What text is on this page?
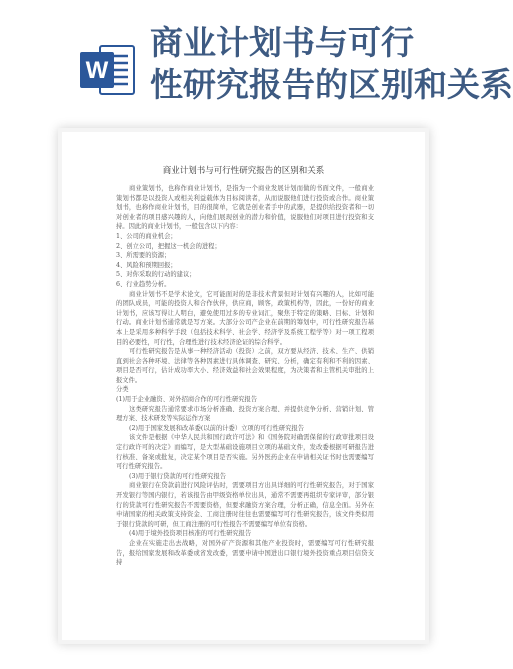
W
商业计划书与可行
性研究报告的区别和关系
商业计划书与可行性研究报告的区别和关系

商业策划书，也称作商业计划书，是指为一个商业发展计划而做的书面文件，一般商业策划书都是以投资人或相关利益载体为目标阅读者，从而说服他们进行投资或合作。商业策划书，也称作商业计划书，目的很简单，它就是创业者手中的武器，是提供给投资者和一切对创业者的项目感兴趣的人，向他们展现创业的潜力和价值，说服他们对项目进行投资和支持。因此的商业计划书，一般包含以下内容：

1、公司的商业机会；

2、创立公司，把握这一机会的进程；

3、所需要的资源；

4、风险和预期回报；

5、对你采取的行动的建议；

6、行业趋势分析。

商业计划书不是学术论文，它可能面对的是非技术背景但对计划有兴趣的人，比如可能的团队成员，可能的投资人和合作伙伴，供应商，顾客，政策机构等，因此，一份好的商业计划书，应该写得让人明白，避免使用过多的专业词汇，聚焦于特定的策略、目标、计划和行动。商业计划书通常就是写方案。大部分公司产企业在前期的筹划中，可行性研究报告基本上是采用多种科学手段（包括技术科学、社会学、经济学及系统工程学等）对一项工程项目的必要性，可行性，合理性进行技术经济论证的综合科学。

可行性研究报告是从事一种经济活动（投资）之前，双方要从经济、技术、生产、供销直到社会各种环境、法律等各种因素进行具体调查、研究、分析，确定有利和不利的因素、项目是否可行，估计成功率大小、经济效益和社会效果程度，为决策者和主管机关审批的上报文件。

分类

(1)用于企业融资、对外招商合作的可行性研究报告

这类研究报告通常要求市场分析准确、投资方案合理、并提供竞争分析、营销计划、管理方案、技术研发等实际运作方案

(2)用于国家发展和改革委(以前的计委）立项的可行性研究报告

该文件是根据《中华人民共和国行政许可法》和《国务院对确需保留的行政审批项目设定行政许可的决定》而编写，是大型基础设施项目立项的基础文件，发改委根据可研报告进行核准、备案或批复，决定某个项目是否实施。另外医药企业在申请相关证书时也需要编写可行性研究报告。

(3)用于银行贷款的可行性研究报告

商业银行在贷款前进行风险评估时，需要项目方出具详细的可行性研究报告，对于国家开发银行等国内银行，若该报告由甲级资格单位出具，通常不需要再组织专家评审，部分银行的贷款可行性研究报告不需要资格，但要求融资方案合理，分析正确，信息全面。另外在申请国家的相关政策支持资金、工商注册时往往也需要编写可行性研究报告，该文件类似用于银行贷款的可研，但工商注册的可行性报告不需要编写单位有资格。

(4)用于境外投资项目核准的可行性研究报告

企业在实施走出去战略，对国外矿产资源和其他产业投资时，需要编写可行性研究报告，报给国家发展和改革委或省发改委，需要申请中国进出口银行境外投资重点项目信贷支持
